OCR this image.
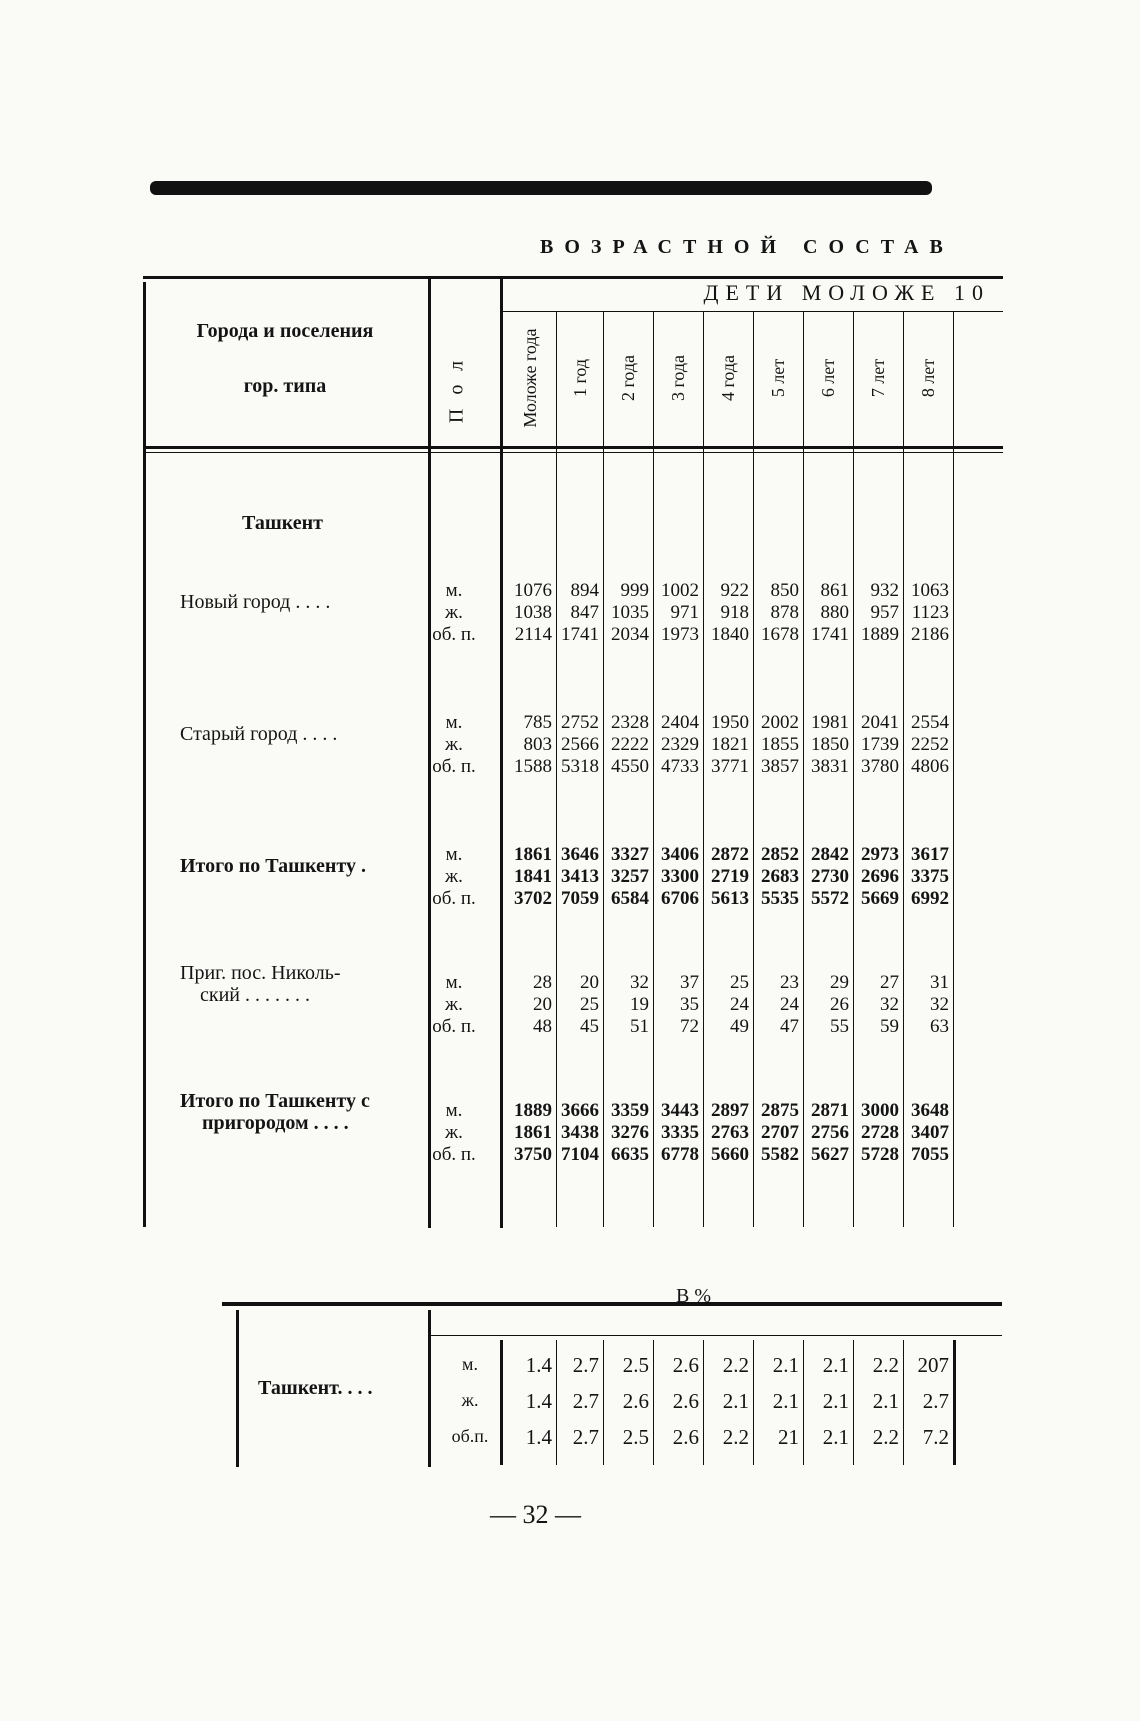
ВОЗРАСТНОЙ СОСТАВ
Города и поселения
гор. типа	Пол
ДЕТИ МОЛОЖЕ 10
Моложе года 1 год 2 года 3 года 4 года 5 лет 6 лет 7 лет 8 лет
Ташкент
Новый город . . . .
м.	1076 894	999 1002	922	850	861	932 1063
ж.	1038 847 1035	971	918	878	880	957 1123
об. п.	2114 1741 2034 1973 1840 1678 1741 1889 2186
Старый город . . . .
м.	785 2752 2328 2404 1950 2002 1981 2041 2554
ж.	803 2566 2222 2329 1821 1855 1850 1739 2252
об. п.	1588 5318 4550 4733 3771 3857 3831 3780 4806
Итого по Ташкенту .
м.	1861 3646 3327 3406 2872 2852 2842 2973 3617
ж.	1841 3413 3257 3300 2719 2683 2730 2696 3375
об. п.	3702 7059 6584 6706 5613 5535 5572 5669 6992
Приг. пос. Николь-
ский . . . . . . .
м.	28	20	32	37	25	23	29	27	31
ж.	20	25	19	35	24	24	26	32	32
об. п.	48	45	51	72	49	47	55	59	63
Итого по Ташкенту с
пригородом . . . .
м.	1889 3666 3359 3443 2897 2875 2871 3000 3648
ж.	1861 3438 3276 3335 2763 2707 2756 2728 3407
об. п.	3750 7104 6635 6778 5660 5582 5627 5728 7055
В %
Ташкент. . . .
м.	1.4 2.7	2.5	2.6	2.2	2.1	2.1	2.2 207
ж.	1.4 2.7	2.6	2.6	2.1	2.1	2.1	2.1	2.7
об.п.	1.4 2.7	2.5	2.6	2.2	21	2.1	2.2	7.2
— 32 —
